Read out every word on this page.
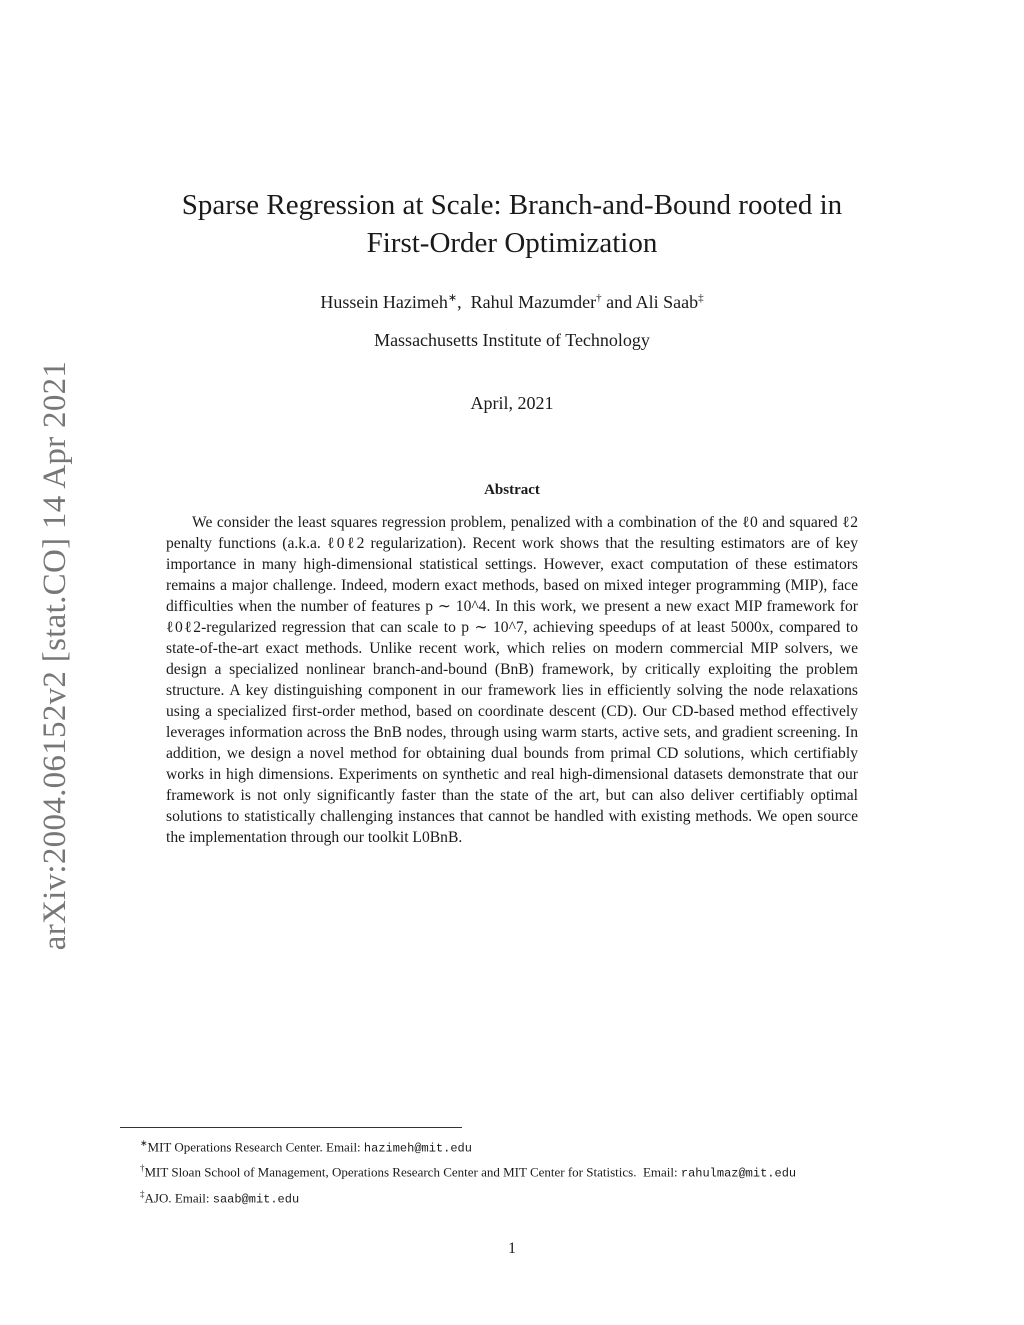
arXiv:2004.06152v2 [stat.CO] 14 Apr 2021
Sparse Regression at Scale: Branch-and-Bound rooted in
First-Order Optimization
Hussein Hazimeh∗,  Rahul Mazumder† and Ali Saab‡
Massachusetts Institute of Technology
April, 2021
Abstract

We consider the least squares regression problem, penalized with a combination of the ℓ0 and squared ℓ2 penalty functions (a.k.a. ℓ0ℓ2 regularization). Recent work shows that the resulting estimators are of key importance in many high-dimensional statistical settings. However, exact computation of these estimators remains a major challenge. Indeed, modern exact methods, based on mixed integer programming (MIP), face difficulties when the number of features p ∼ 10^4. In this work, we present a new exact MIP framework for ℓ0ℓ2-regularized regression that can scale to p ∼ 10^7, achieving speedups of at least 5000x, compared to state-of-the-art exact methods. Unlike recent work, which relies on modern commercial MIP solvers, we design a specialized nonlinear branch-and-bound (BnB) framework, by critically exploiting the problem structure. A key distinguishing component in our framework lies in efficiently solving the node relaxations using a specialized first-order method, based on coordinate descent (CD). Our CD-based method effectively leverages information across the BnB nodes, through using warm starts, active sets, and gradient screening. In addition, we design a novel method for obtaining dual bounds from primal CD solutions, which certifiably works in high dimensions. Experiments on synthetic and real high-dimensional datasets demonstrate that our framework is not only significantly faster than the state of the art, but can also deliver certifiably optimal solutions to statistically challenging instances that cannot be handled with existing methods. We open source the implementation through our toolkit L0BnB.

∗MIT Operations Research Center. Email: hazimeh@mit.edu
†MIT Sloan School of Management, Operations Research Center and MIT Center for Statistics.  Email: rahulmaz@mit.edu
‡AJO. Email: saab@mit.edu
1
